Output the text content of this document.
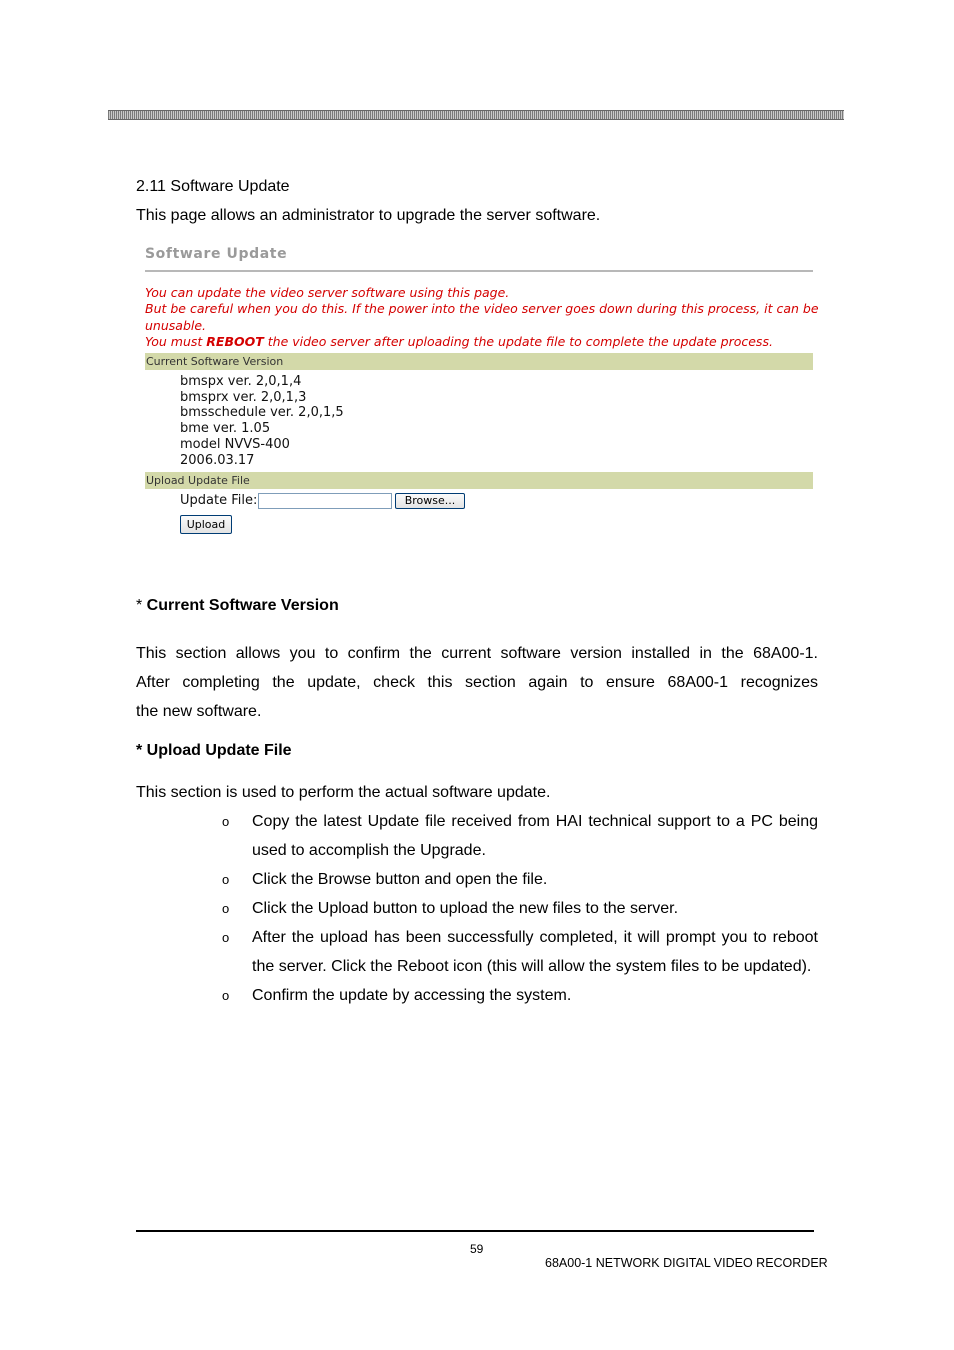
2.11 Software Update
This page allows an administrator to upgrade the server software.
Software Update
You can update the video server software using this page.
But be careful when you do this. If the power into the video server goes down during this process, it can be
unusable.
You must REBOOT the video server after uploading the update file to complete the update process.
Current Software Version
bmspx ver. 2,0,1,4
bmsprx ver. 2,0,1,3
bmsschedule ver. 2,0,1,5
bme ver. 1.05
model NVVS-400
2006.03.17
Upload Update File
Update File:	Browse...
Upload
* Current Software Version
This section allows you to confirm the current software version installed in the 68A00-1.
After completing the update, check this section again to ensure 68A00-1 recognizes
the new software.
* Upload Update File
This section is used to perform the actual software update.
o Copy the latest Update file received from HAI technical support to a PC being used to accomplish the Upgrade.
o Click the Browse button and open the file.
o Click the Upload button to upload the new files to the server.
o After the upload has been successfully completed, it will prompt you to reboot the server. Click the Reboot icon (this will allow the system files to be updated).
o Confirm the update by accessing the system.
59
68A00-1 NETWORK DIGITAL VIDEO RECORDER
